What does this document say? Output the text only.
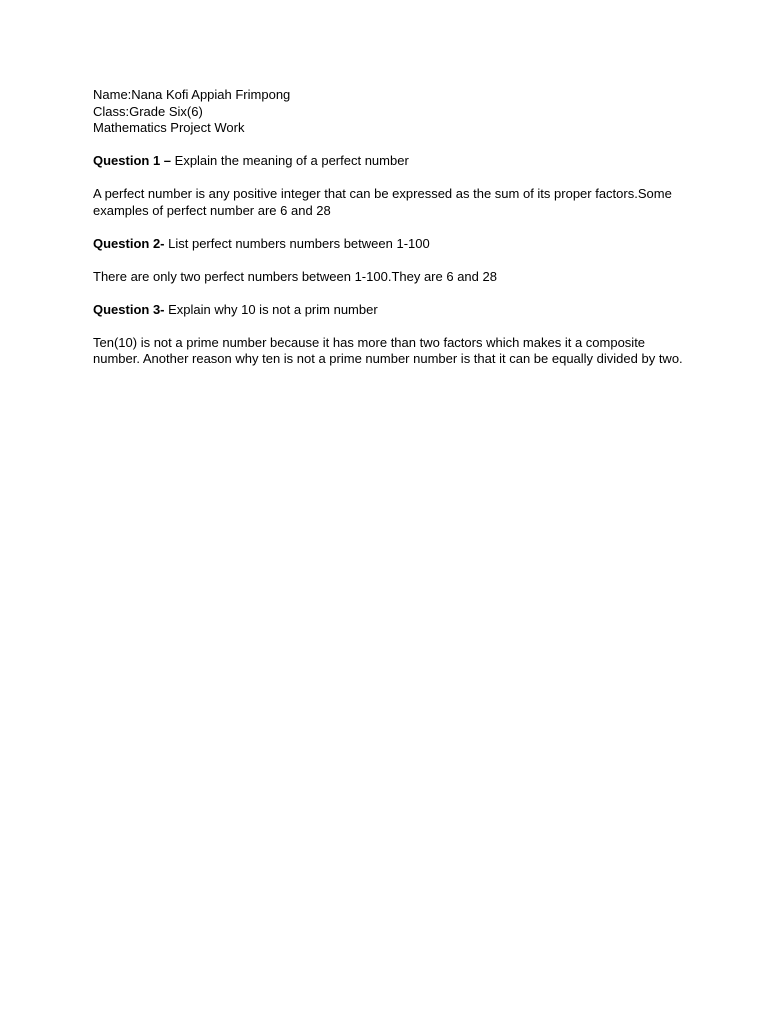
Name:Nana Kofi Appiah Frimpong

Class:Grade Six(6)

Mathematics Project Work

Question 1 – Explain the meaning of a perfect number

A perfect number is any positive integer that can be expressed as the sum of its proper factors.Some examples of perfect number are 6 and 28

Question 2- List perfect numbers numbers between 1-100

There are only two perfect numbers between 1-100.They are 6 and 28

Question 3- Explain why 10 is not a prim number

Ten(10) is not a prime number because it has more than two factors which makes it a composite number. Another reason why ten is not a prime number number is that it can be equally divided by two.
